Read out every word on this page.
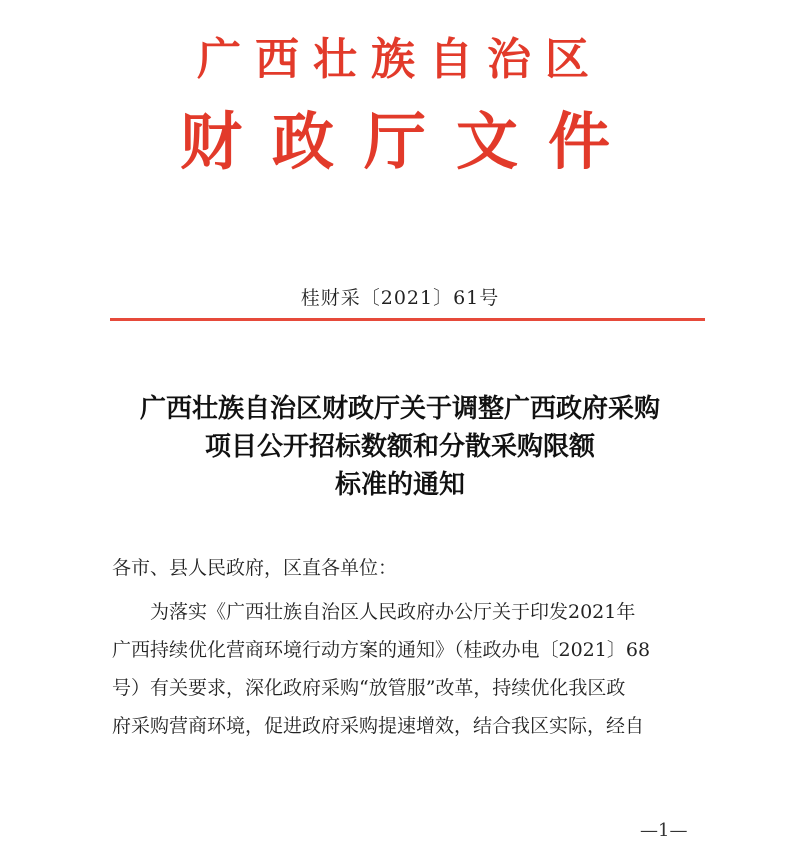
广西壮族自治区
财政厅文件
桂财采〔2021〕61号
广西壮族自治区财政厅关于调整广西政府采购
项目公开招标数额和分散采购限额
标准的通知
各市、县人民政府，区直各单位：
　　为落实《广西壮族自治区人民政府办公厅关于印发2021年
广西持续优化营商环境行动方案的通知》（桂政办电〔2021〕68
号）有关要求，深化政府采购“放管服”改革，持续优化我区政
府采购营商环境，促进政府采购提速增效，结合我区实际，经自
—1—
